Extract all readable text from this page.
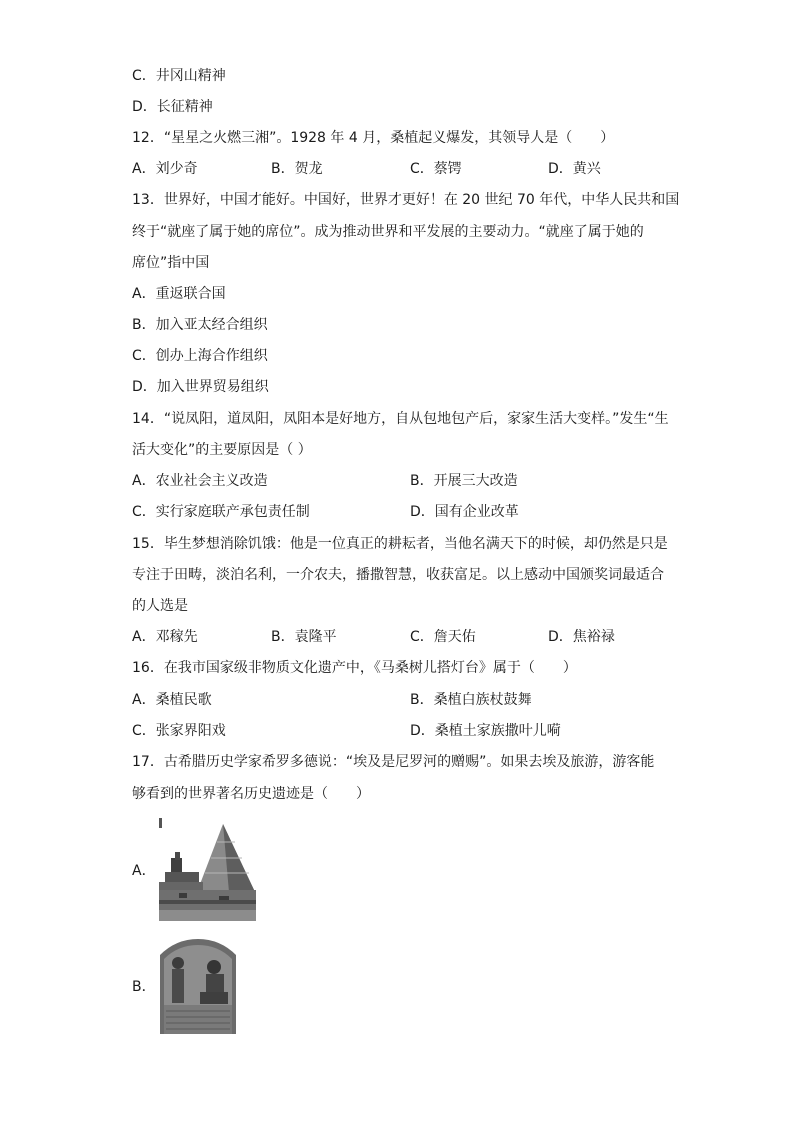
C．井冈山精神
D．长征精神
12．“星星之火燃三湘”。1928 年 4 月，桑植起义爆发，其领导人是（　　）
A．刘少奇	B．贺龙	C．蔡锷	D．黄兴
13．世界好，中国才能好。中国好，世界才更好！在 20 世纪 70 年代，中华人民共和国
终于“就座了属于她的席位”。成为推动世界和平发展的主要动力。“就座了属于她的
席位”指中国
A．重返联合国
B．加入亚太经合组织
C．创办上海合作组织
D．加入世界贸易组织
14．“说凤阳，道凤阳，凤阳本是好地方，自从包地包产后，家家生活大变样。”发生“生
活大变化”的主要原因是（ ）
A．农业社会主义改造	B．开展三大改造
C．实行家庭联产承包责任制	D．国有企业改革
15．毕生梦想消除饥饿：他是一位真正的耕耘者，当他名满天下的时候，却仍然是只是
专注于田畴，淡泊名利，一介农夫，播撒智慧，收获富足。以上感动中国颁奖词最适合
的人选是
A．邓稼先	B．袁隆平	C．詹天佑	D．焦裕禄
16．在我市国家级非物质文化遗产中，《马桑树儿搭灯台》属于（　　）
A．桑植民歌	B．桑植白族杖鼓舞
C．张家界阳戏	D．桑植土家族撒叶儿嗬
17．古希腊历史学家希罗多德说：“埃及是尼罗河的赠赐”。如果去埃及旅游，游客能
够看到的世界著名历史遗迹是（　　）
A．
B．
